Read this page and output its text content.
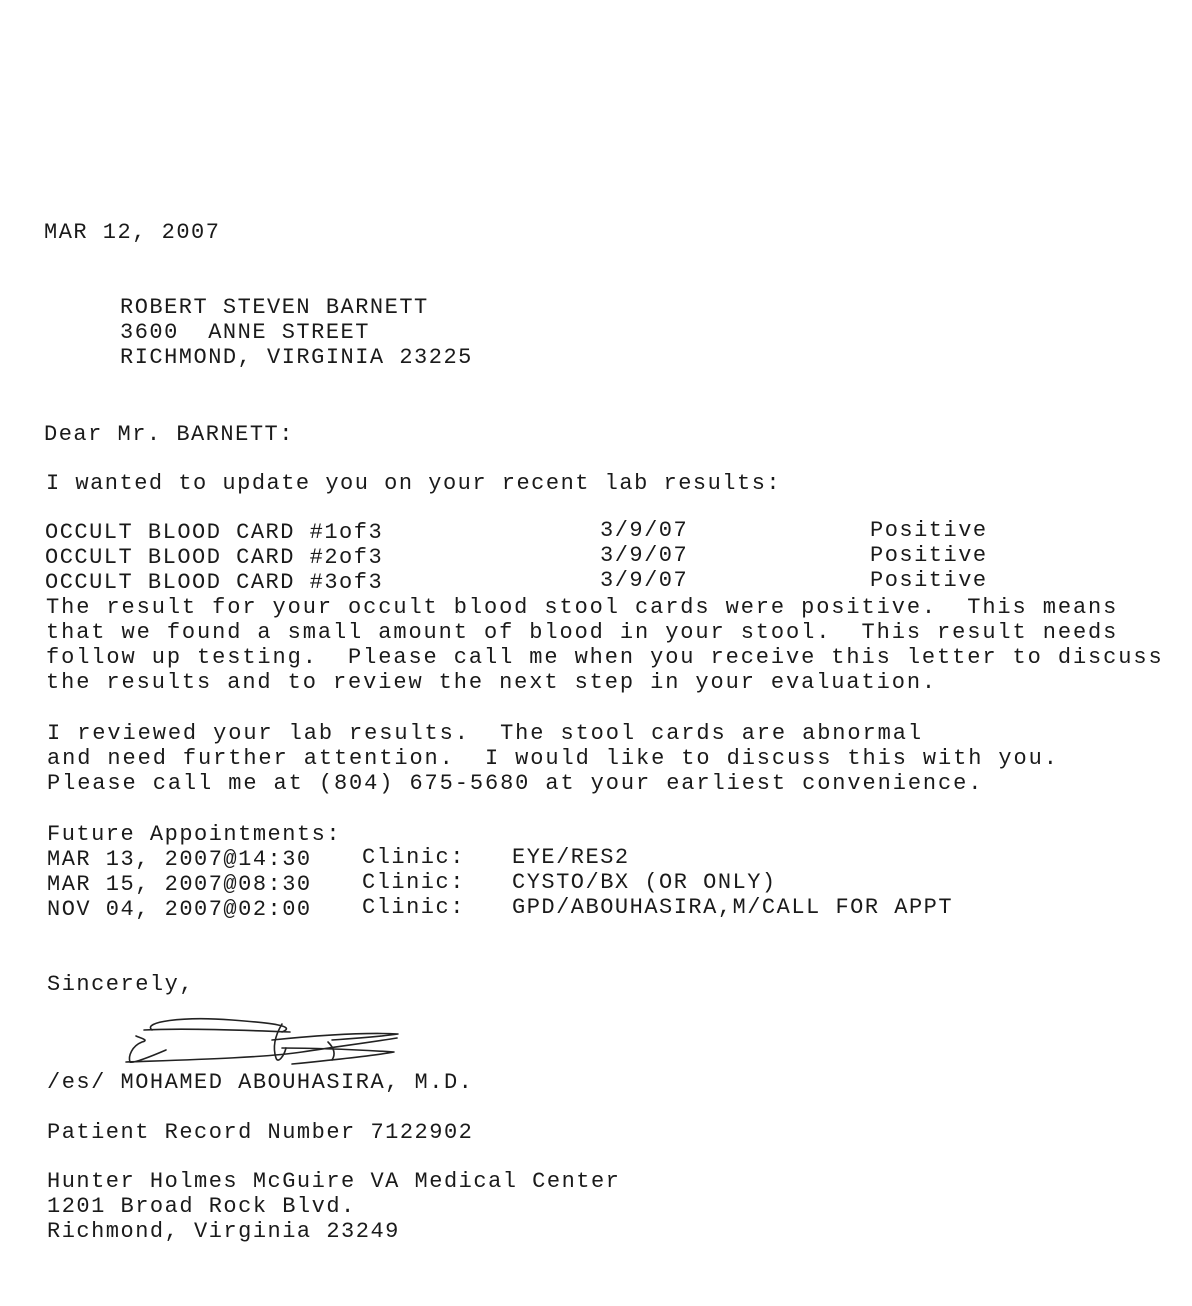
MAR 12, 2007
ROBERT STEVEN BARNETT
3600  ANNE STREET
RICHMOND, VIRGINIA 23225
Dear Mr. BARNETT:
I wanted to update you on your recent lab results:
OCCULT BLOOD CARD #1of3	3/9/07	Positive
OCCULT BLOOD CARD #2of3	3/9/07	Positive
OCCULT BLOOD CARD #3of3	3/9/07	Positive
The result for your occult blood stool cards were positive.  This means
that we found a small amount of blood in your stool.  This result needs
follow up testing.  Please call me when you receive this letter to discuss
the results and to review the next step in your evaluation.
I reviewed your lab results.  The stool cards are abnormal
and need further attention.  I would like to discuss this with you.
Please call me at (804) 675-5680 at your earliest convenience.
Future Appointments:
MAR 13, 2007@14:30 Clinic: EYE/RES2
MAR 15, 2007@08:30 Clinic: CYSTO/BX (OR ONLY)
NOV 04, 2007@02:00 Clinic: GPD/ABOUHASIRA,M/CALL FOR APPT
Sincerely,
/es/ MOHAMED ABOUHASIRA, M.D.
Patient Record Number 7122902
Hunter Holmes McGuire VA Medical Center
1201 Broad Rock Blvd.
Richmond, Virginia 23249
